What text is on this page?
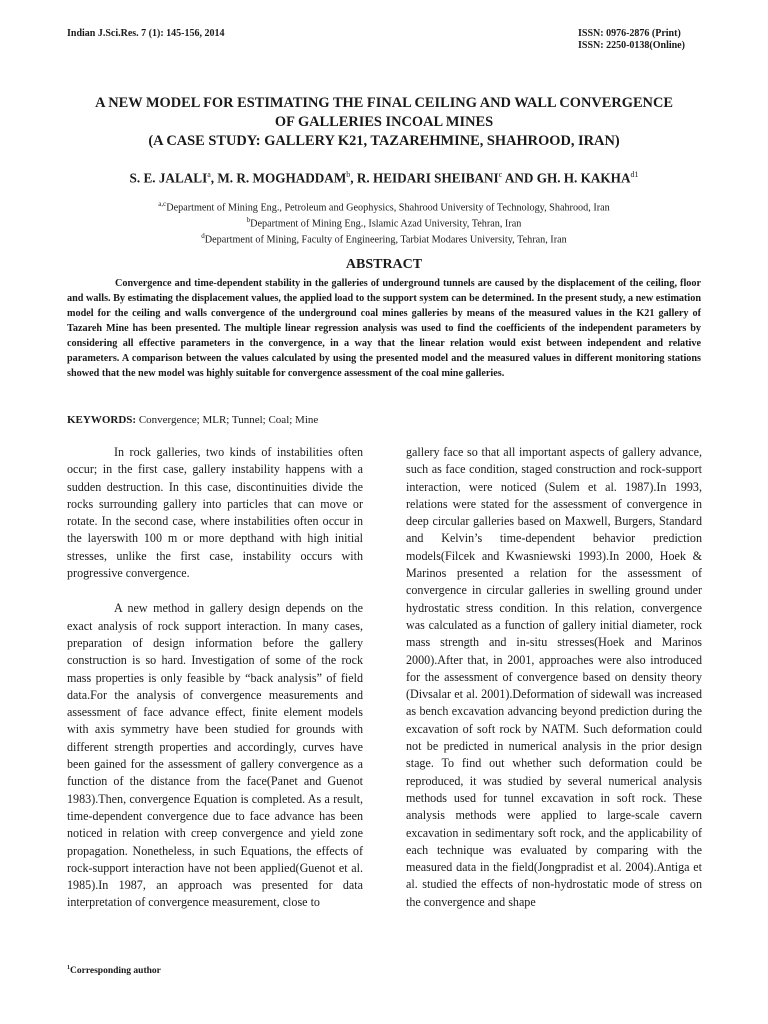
Indian J.Sci.Res. 7 (1): 145-156, 2014	ISSN: 0976-2876 (Print)
ISSN: 2250-0138(Online)
A NEW MODEL FOR ESTIMATING THE FINAL CEILING AND WALL CONVERGENCE
OF GALLERIES INCOAL MINES
(A CASE STUDY: GALLERY K21, TAZAREHMINE, SHAHROOD, IRAN)
S. E. JALALI$^a$, M. R. MOGHADDAM$^b$, R. HEIDARI SHEIBANI$^c$ AND GH. H. $KAKHA^{d1}$
$^{a,c}$Department of Mining Eng., Petroleum and Geophysics, Shahrood University of Technology, Shahrood, Iran
$^b$Department of Mining Eng., Islamic Azad University, Tehran, Iran
$^d$Department of Mining, Faculty of Engineering, Tarbiat Modares University, Tehran, Iran
ABSTRACT

Convergence and time-dependent stability in the galleries of underground tunnels are caused by the displacement of the ceiling, floor and walls. By estimating the displacement values, the applied load to the support system can be determined. In the present study, a new estimation model for the ceiling and walls convergence of the underground coal mines galleries by means of the measured values in the K21 gallery of Tazareh Mine has been presented. The multiple linear regression analysis was used to find the coefficients of the independent parameters by considering all effective parameters in the convergence, in a way that the linear relation would exist between independent and relative parameters. A comparison between the values calculated by using the presented model and the measured values in different monitoring stations showed that the new model was highly suitable for convergence assessment of the coal mine galleries.

KEYWORDS: Convergence; MLR; Tunnel; Coal; Mine

In rock galleries, two kinds of instabilities often occur; in the first case, gallery instability happens with a sudden destruction. In this case, discontinuities divide the rocks surrounding gallery into particles that can move or rotate. In the second case, where instabilities often occur in the layerswith 100 m or more depthand with high initial stresses, unlike the first case, instability occurs with progressive convergence.

A new method in gallery design depends on the exact analysis of rock support interaction. In many cases, preparation of design information before the gallery construction is so hard. Investigation of some of the rock mass properties is only feasible by “back analysis” of field data.For the analysis of convergence measurements and assessment of face advance effect, finite element models with axis symmetry have been studied for grounds with different strength properties and accordingly, curves have been gained for the assessment of gallery convergence as a function of the distance from the face(Panet and Guenot 1983).Then, convergence Equation is completed. As a result, time-dependent convergence due to face advance has been noticed in relation with creep convergence and yield zone propagation. Nonetheless, in such Equations, the effects of rock-support interaction have not been applied(Guenot et al. 1985).In 1987, an approach was presented for data interpretation of convergence measurement, close to

gallery face so that all important aspects of gallery advance, such as face condition, staged construction and rock-support interaction, were noticed (Sulem et al. 1987).In 1993, relations were stated for the assessment of convergence in deep circular galleries based on Maxwell, Burgers, Standard and Kelvin’s time-dependent behavior prediction models(Filcek and Kwasniewski 1993).In 2000, Hoek & Marinos presented a relation for the assessment of convergence in circular galleries in swelling ground under hydrostatic stress condition. In this relation, convergence was calculated as a function of gallery initial diameter, rock mass strength and in-situ stresses(Hoek and Marinos 2000).After that, in 2001, approaches were also introduced for the assessment of convergence based on density theory (Divsalar et al. 2001).Deformation of sidewall was increased as bench excavation advancing beyond prediction during the excavation of soft rock by NATM. Such deformation could not be predicted in numerical analysis in the prior design stage. To find out whether such deformation could be reproduced, it was studied by several numerical analysis methods used for tunnel excavation in soft rock. These analysis methods were applied to large-scale cavern excavation in sedimentary soft rock, and the applicability of each technique was evaluated by comparing with the measured data in the field(Jongpradist et al. 2004).Antiga et al. studied the effects of non-hydrostatic mode of stress on the convergence and shape

$^1$Corresponding author
